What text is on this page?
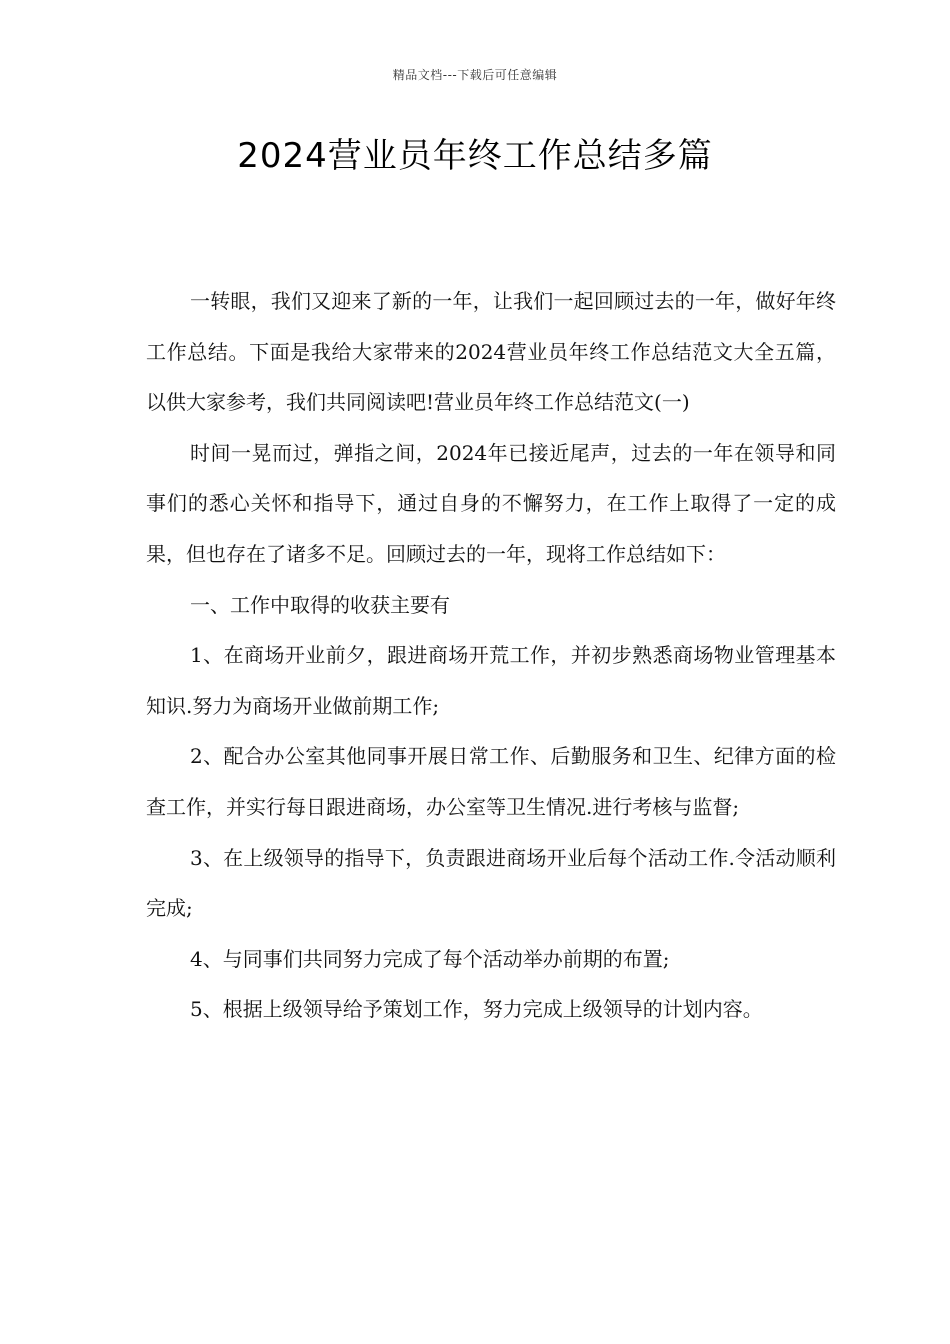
精品文档---下载后可任意编辑
2024营业员年终工作总结多篇

一转眼，我们又迎来了新的一年，让我们一起回顾过去的一年，做好年终工作总结。下面是我给大家带来的2024营业员年终工作总结范文大全五篇，以供大家参考，我们共同阅读吧!营业员年终工作总结范文(一)

时间一晃而过，弹指之间，2024年已接近尾声，过去的一年在领导和同事们的悉心关怀和指导下，通过自身的不懈努力，在工作上取得了一定的成果，但也存在了诸多不足。回顾过去的一年，现将工作总结如下：

一、工作中取得的收获主要有

1、在商场开业前夕，跟进商场开荒工作，并初步熟悉商场物业管理基本知识.努力为商场开业做前期工作;

2、配合办公室其他同事开展日常工作、后勤服务和卫生、纪律方面的检查工作，并实行每日跟进商场，办公室等卫生情况.进行考核与监督;

3、在上级领导的指导下，负责跟进商场开业后每个活动工作.令活动顺利完成;

4、与同事们共同努力完成了每个活动举办前期的布置;

5、根据上级领导给予策划工作，努力完成上级领导的计划内容。
